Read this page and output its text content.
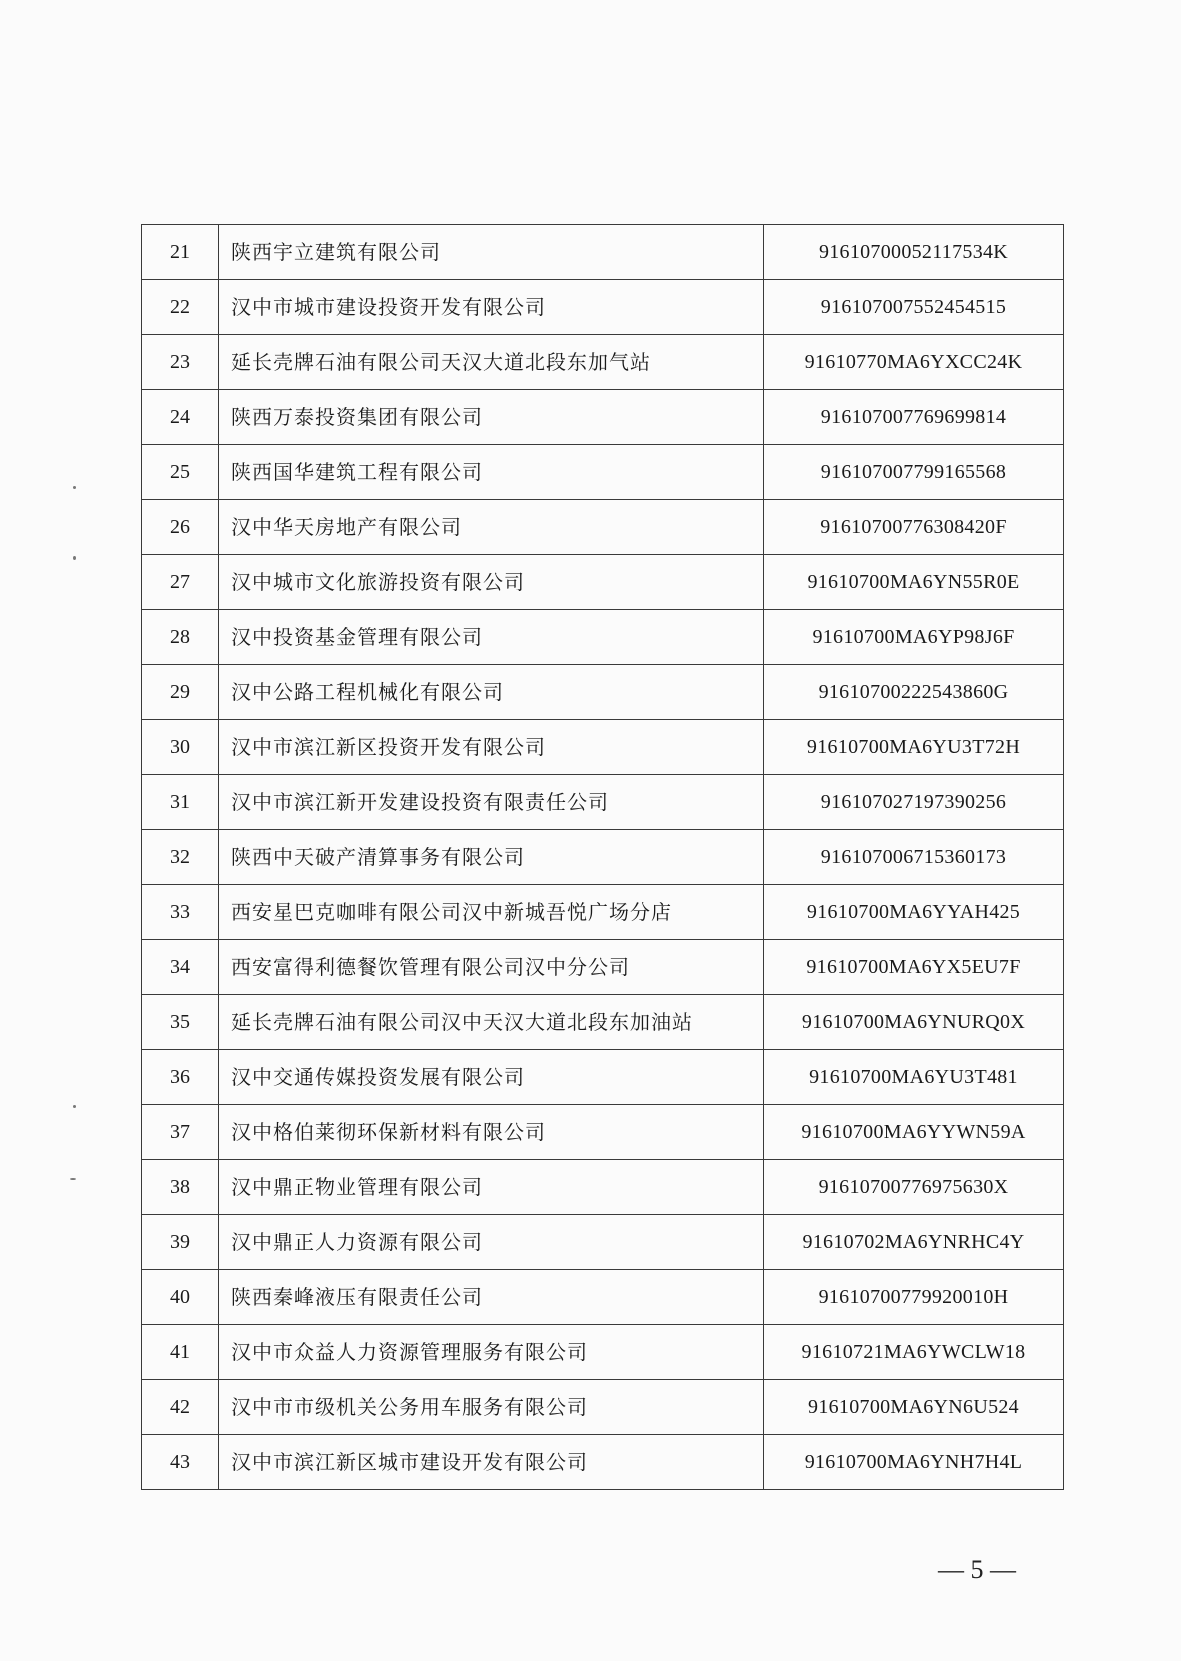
21	陕西宇立建筑有限公司	91610700052117534K
22	汉中市城市建设投资开发有限公司	916107007552454515
23	延长壳牌石油有限公司天汉大道北段东加气站	91610770MA6YXCC24K
24	陕西万泰投资集团有限公司	916107007769699814
25	陕西国华建筑工程有限公司	916107007799165568
26	汉中华天房地产有限公司	91610700776308420F
27	汉中城市文化旅游投资有限公司	91610700MA6YN55R0E
28	汉中投资基金管理有限公司	91610700MA6YP98J6F
29	汉中公路工程机械化有限公司	91610700222543860G
30	汉中市滨江新区投资开发有限公司	91610700MA6YU3T72H
31	汉中市滨江新开发建设投资有限责任公司	916107027197390256
32	陕西中天破产清算事务有限公司	916107006715360173
33	西安星巴克咖啡有限公司汉中新城吾悦广场分店	91610700MA6YYAH425
34	西安富得利德餐饮管理有限公司汉中分公司	91610700MA6YX5EU7F
35	延长壳牌石油有限公司汉中天汉大道北段东加油站	91610700MA6YNURQ0X
36	汉中交通传媒投资发展有限公司	91610700MA6YU3T481
37	汉中格伯莱彻环保新材料有限公司	91610700MA6YYWN59A
38	汉中鼎正物业管理有限公司	91610700776975630X
39	汉中鼎正人力资源有限公司	91610702MA6YNRHC4Y
40	陕西秦峰液压有限责任公司	91610700779920010H
41	汉中市众益人力资源管理服务有限公司	91610721MA6YWCLW18
42	汉中市市级机关公务用车服务有限公司	91610700MA6YN6U524
43	汉中市滨江新区城市建设开发有限公司	91610700MA6YNH7H4L
— 5 —
